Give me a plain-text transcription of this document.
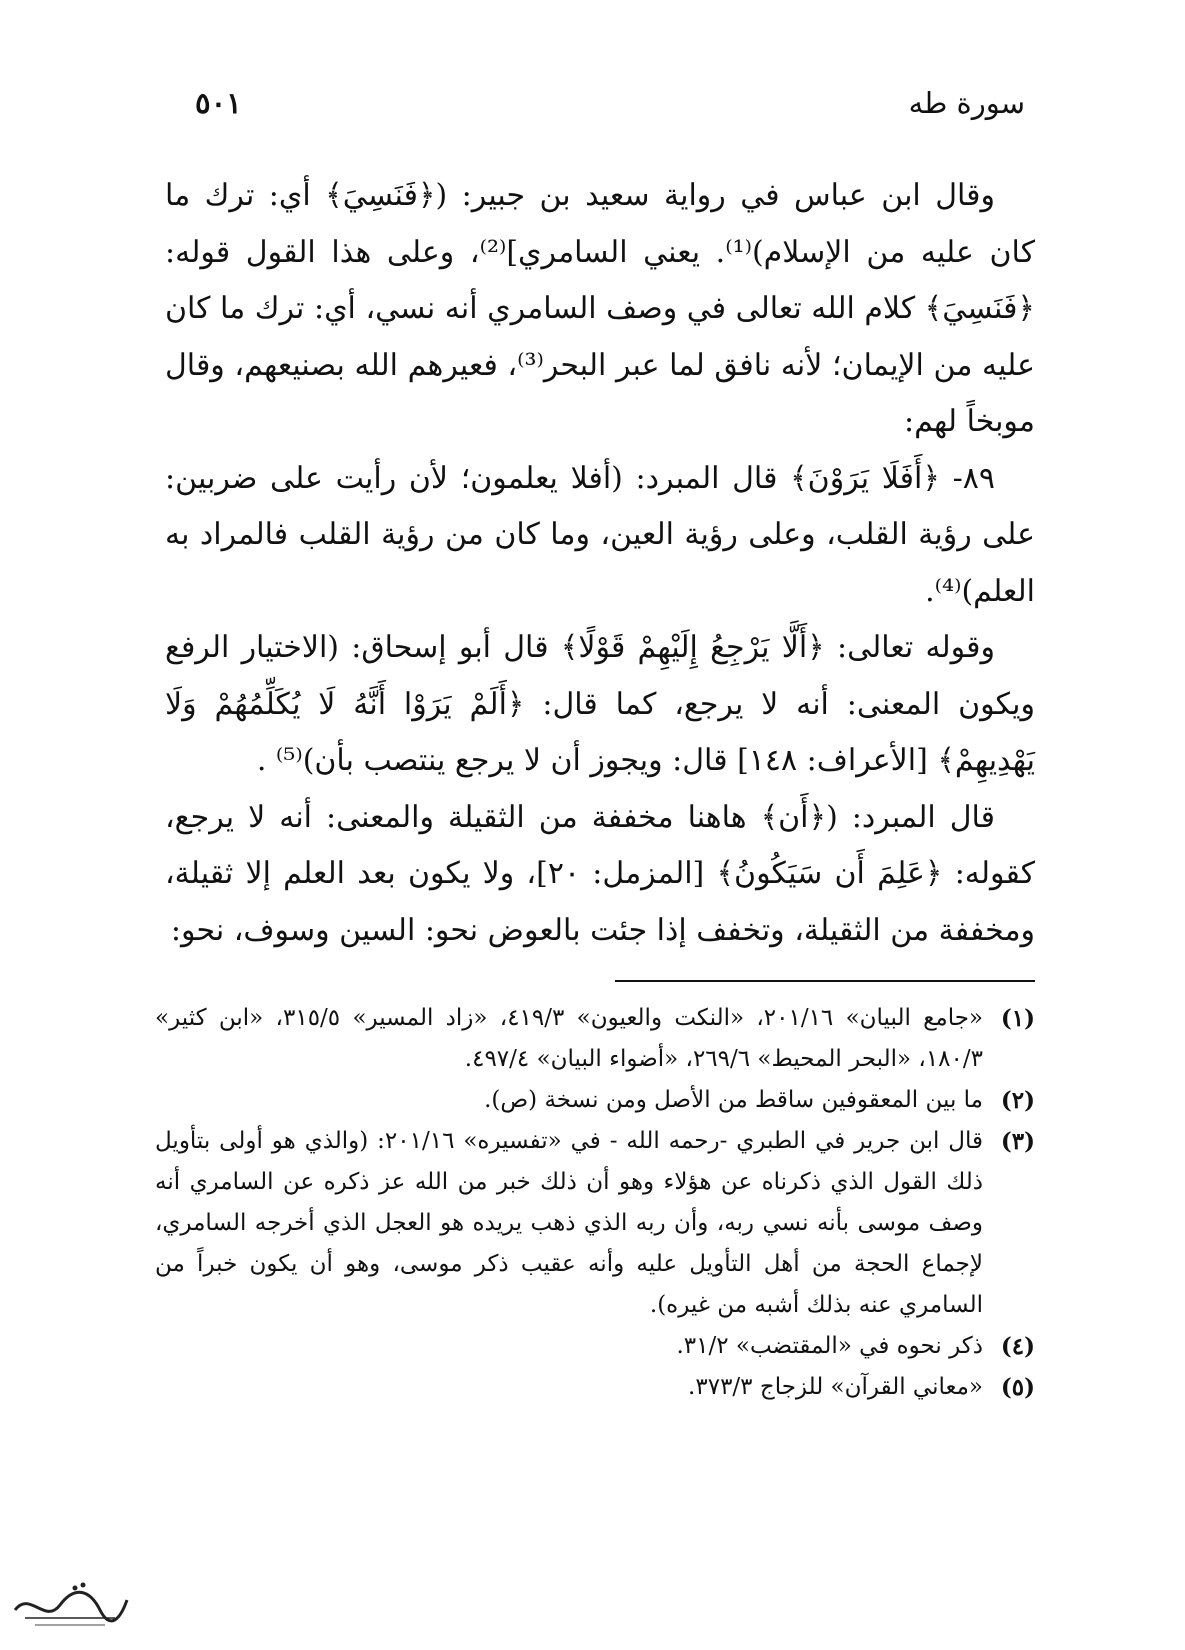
سورة طه
٥٠١

وقال ابن عباس في رواية سعيد بن جبير: (﴿فَنَسِيَ﴾ أي: ترك ما كان عليه من الإسلام)⁽¹⁾. يعني السامري]⁽²⁾، وعلى هذا القول قوله: ﴿فَنَسِيَ﴾ كلام الله تعالى في وصف السامري أنه نسي، أي: ترك ما كان عليه من الإيمان؛ لأنه نافق لما عبر البحر⁽³⁾، فعيرهم الله بصنيعهم، وقال موبخاً لهم:

٨٩- ﴿أَفَلَا يَرَوْنَ﴾ قال المبرد: (أفلا يعلمون؛ لأن رأيت على ضربين: على رؤية القلب، وعلى رؤية العين، وما كان من رؤية القلب فالمراد به العلم)⁽⁴⁾.

وقوله تعالى: ﴿أَلَّا يَرْجِعُ إِلَيْهِمْ قَوْلًا﴾ قال أبو إسحاق: (الاختيار الرفع ويكون المعنى: أنه لا يرجع، كما قال: ﴿أَلَمْ يَرَوْا أَنَّهُ لَا يُكَلِّمُهُمْ وَلَا يَهْدِيهِمْ﴾ [الأعراف: ١٤٨] قال: ويجوز أن لا يرجع ينتصب بأن)⁽⁵⁾ .

قال المبرد: (﴿أَن﴾ هاهنا مخففة من الثقيلة والمعنى: أنه لا يرجع، كقوله: ﴿عَلِمَ أَن سَيَكُونُ﴾ [المزمل: ٢٠]، ولا يكون بعد العلم إلا ثقيلة، ومخففة من الثقيلة، وتخفف إذا جئت بالعوض نحو: السين وسوف، نحو:

(١)
«جامع البيان» ٢٠١/١٦، «النكت والعيون» ٤١٩/٣، «زاد المسير» ٣١٥/٥، «ابن كثير» ١٨٠/٣، «البحر المحيط» ٢٦٩/٦، «أضواء البيان» ٤٩٧/٤.
(٢)
ما بين المعقوفين ساقط من الأصل ومن نسخة (ص).
(٣)
قال ابن جرير في الطبري -رحمه الله - في «تفسيره» ٢٠١/١٦: (والذي هو أولى بتأويل ذلك القول الذي ذكرناه عن هؤلاء وهو أن ذلك خبر من الله عز ذكره عن السامري أنه وصف موسى بأنه نسي ربه، وأن ربه الذي ذهب يريده هو العجل الذي أخرجه السامري، لإجماع الحجة من أهل التأويل عليه وأنه عقيب ذكر موسى، وهو أن يكون خبراً من السامري عنه بذلك أشبه من غيره).
(٤)
ذكر نحوه في «المقتضب» ٣١/٢.
(٥)
«معاني القرآن» للزجاج ٣٧٣/٣.
